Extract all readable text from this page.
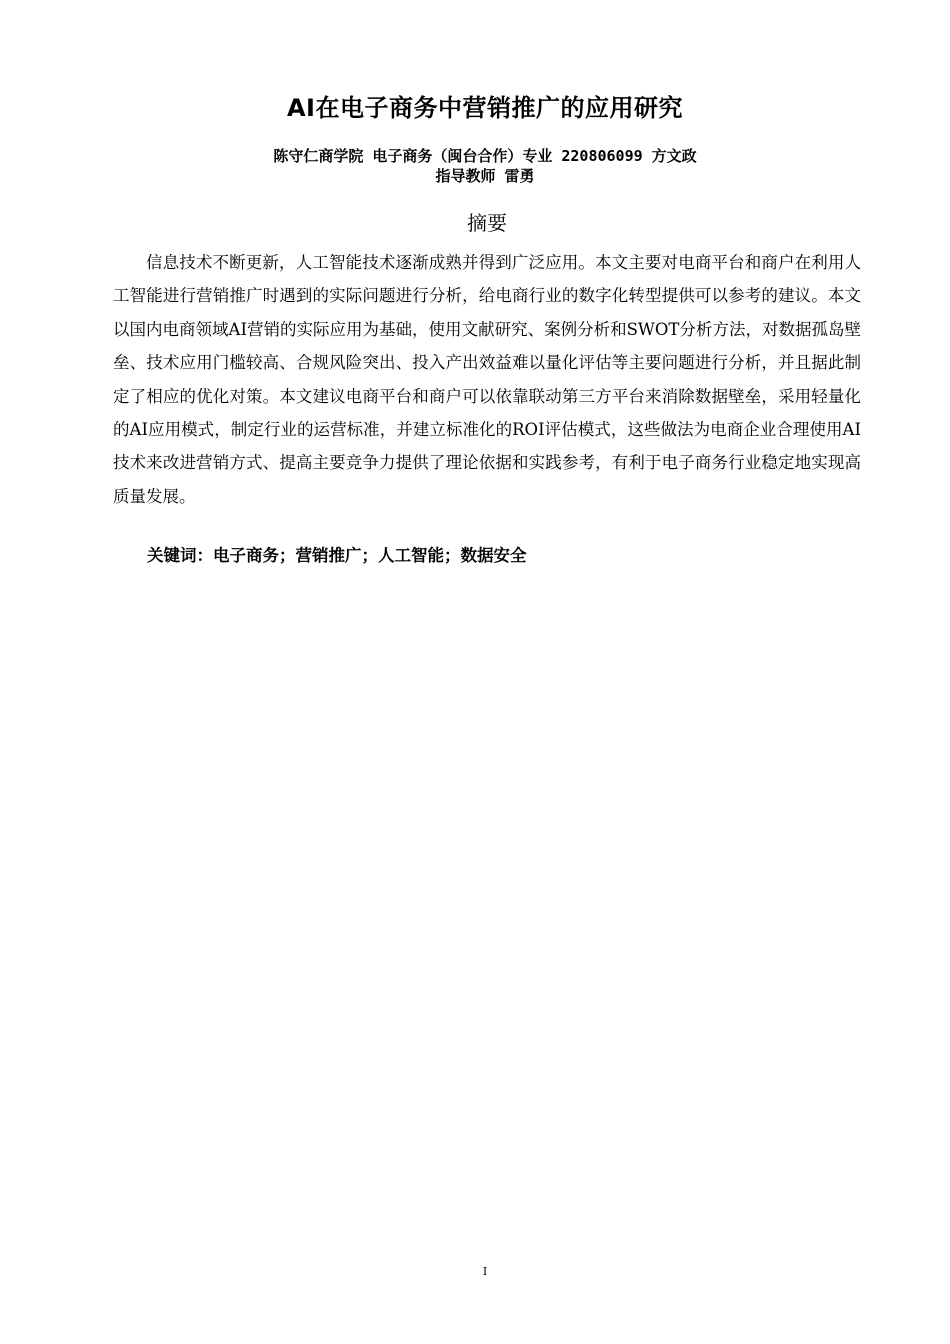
AI在电子商务中营销推广的应用研究
陈守仁商学院 电子商务（闽台合作）专业 220806099 方文政
指导教师 雷勇
摘要

信息技术不断更新，人工智能技术逐渐成熟并得到广泛应用。本文主要对电商平台和商户在利用人工智能进行营销推广时遇到的实际问题进行分析，给电商行业的数字化转型提供可以参考的建议。本文以国内电商领域AI营销的实际应用为基础，使用文献研究、案例分析和SWOT分析方法，对数据孤岛壁垒、技术应用门槛较高、合规风险突出、投入产出效益难以量化评估等主要问题进行分析，并且据此制定了相应的优化对策。本文建议电商平台和商户可以依靠联动第三方平台来消除数据壁垒，采用轻量化的AI应用模式，制定行业的运营标准，并建立标准化的ROI评估模式，这些做法为电商企业合理使用AI技术来改进营销方式、提高主要竞争力提供了理论依据和实践参考，有利于电子商务行业稳定地实现高质量发展。

关键词：电子商务；营销推广；人工智能；数据安全
I
